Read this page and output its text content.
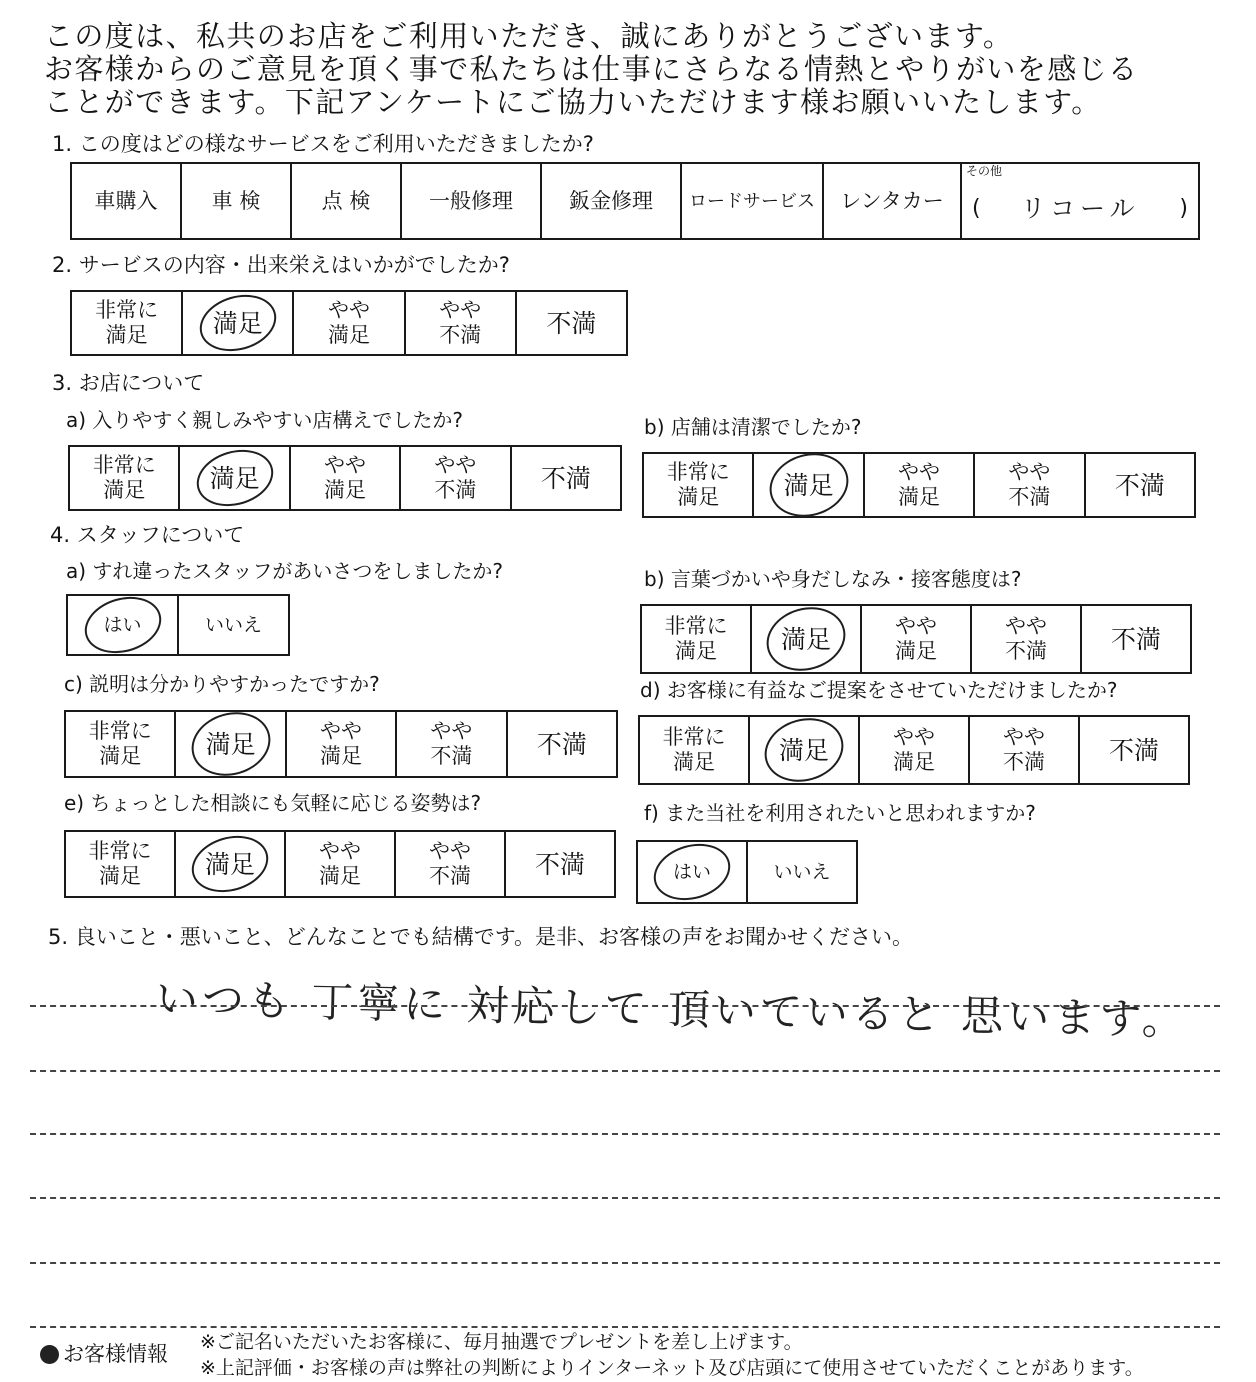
この度は、私共のお店をご利用いただき、誠にありがとうございます。
お客様からのご意見を頂く事で私たちは仕事にさらなる情熱とやりがいを感じる
ことができます。下記アンケートにご協力いただけます様お願いいたします。
1. この度はどの様なサービスをご利用いただきましたか?
車購入	車 検	点 検	一般修理	鈑金修理	ロードサービス	レンタカー
その他
(	リコール	)
2. サービスの内容・出来栄えはいかがでしたか?
非常に
満足	満足	やや
満足
やや
不満	不満
3. お店について
a) 入りやすく親しみやすい店構えでしたか?
非常に
満足	満足	やや
満足
やや
不満	不満
b) 店舗は清潔でしたか?
非常に
満足	満足	やや
満足
やや
不満	不満
4. スタッフについて
a) すれ違ったスタッフがあいさつをしましたか?
はい	いいえ
b) 言葉づかいや身だしなみ・接客態度は?
非常に
満足	満足	やや
満足
やや
不満	不満
c) 説明は分かりやすかったですか?
非常に
満足	満足	やや
満足
やや
不満	不満
d) お客様に有益なご提案をさせていただけましたか?
非常に
満足	満足	やや
満足
やや
不満	不満
e) ちょっとした相談にも気軽に応じる姿勢は?
非常に
満足	満足	やや
満足
やや
不満	不満
f) また当社を利用されたいと思われますか?
はい	いいえ
5. 良いこと・悪いこと、どんなことでも結構です。是非、お客様の声をお聞かせください。
いつも 丁寧に 対応して 頂いていると 思います。
お客様情報 ※ご記名いただいたお客様に、毎月抽選でプレゼントを差し上げます。
※上記評価・お客様の声は弊社の判断によりインターネット及び店頭にて使用させていただくことがあります。
